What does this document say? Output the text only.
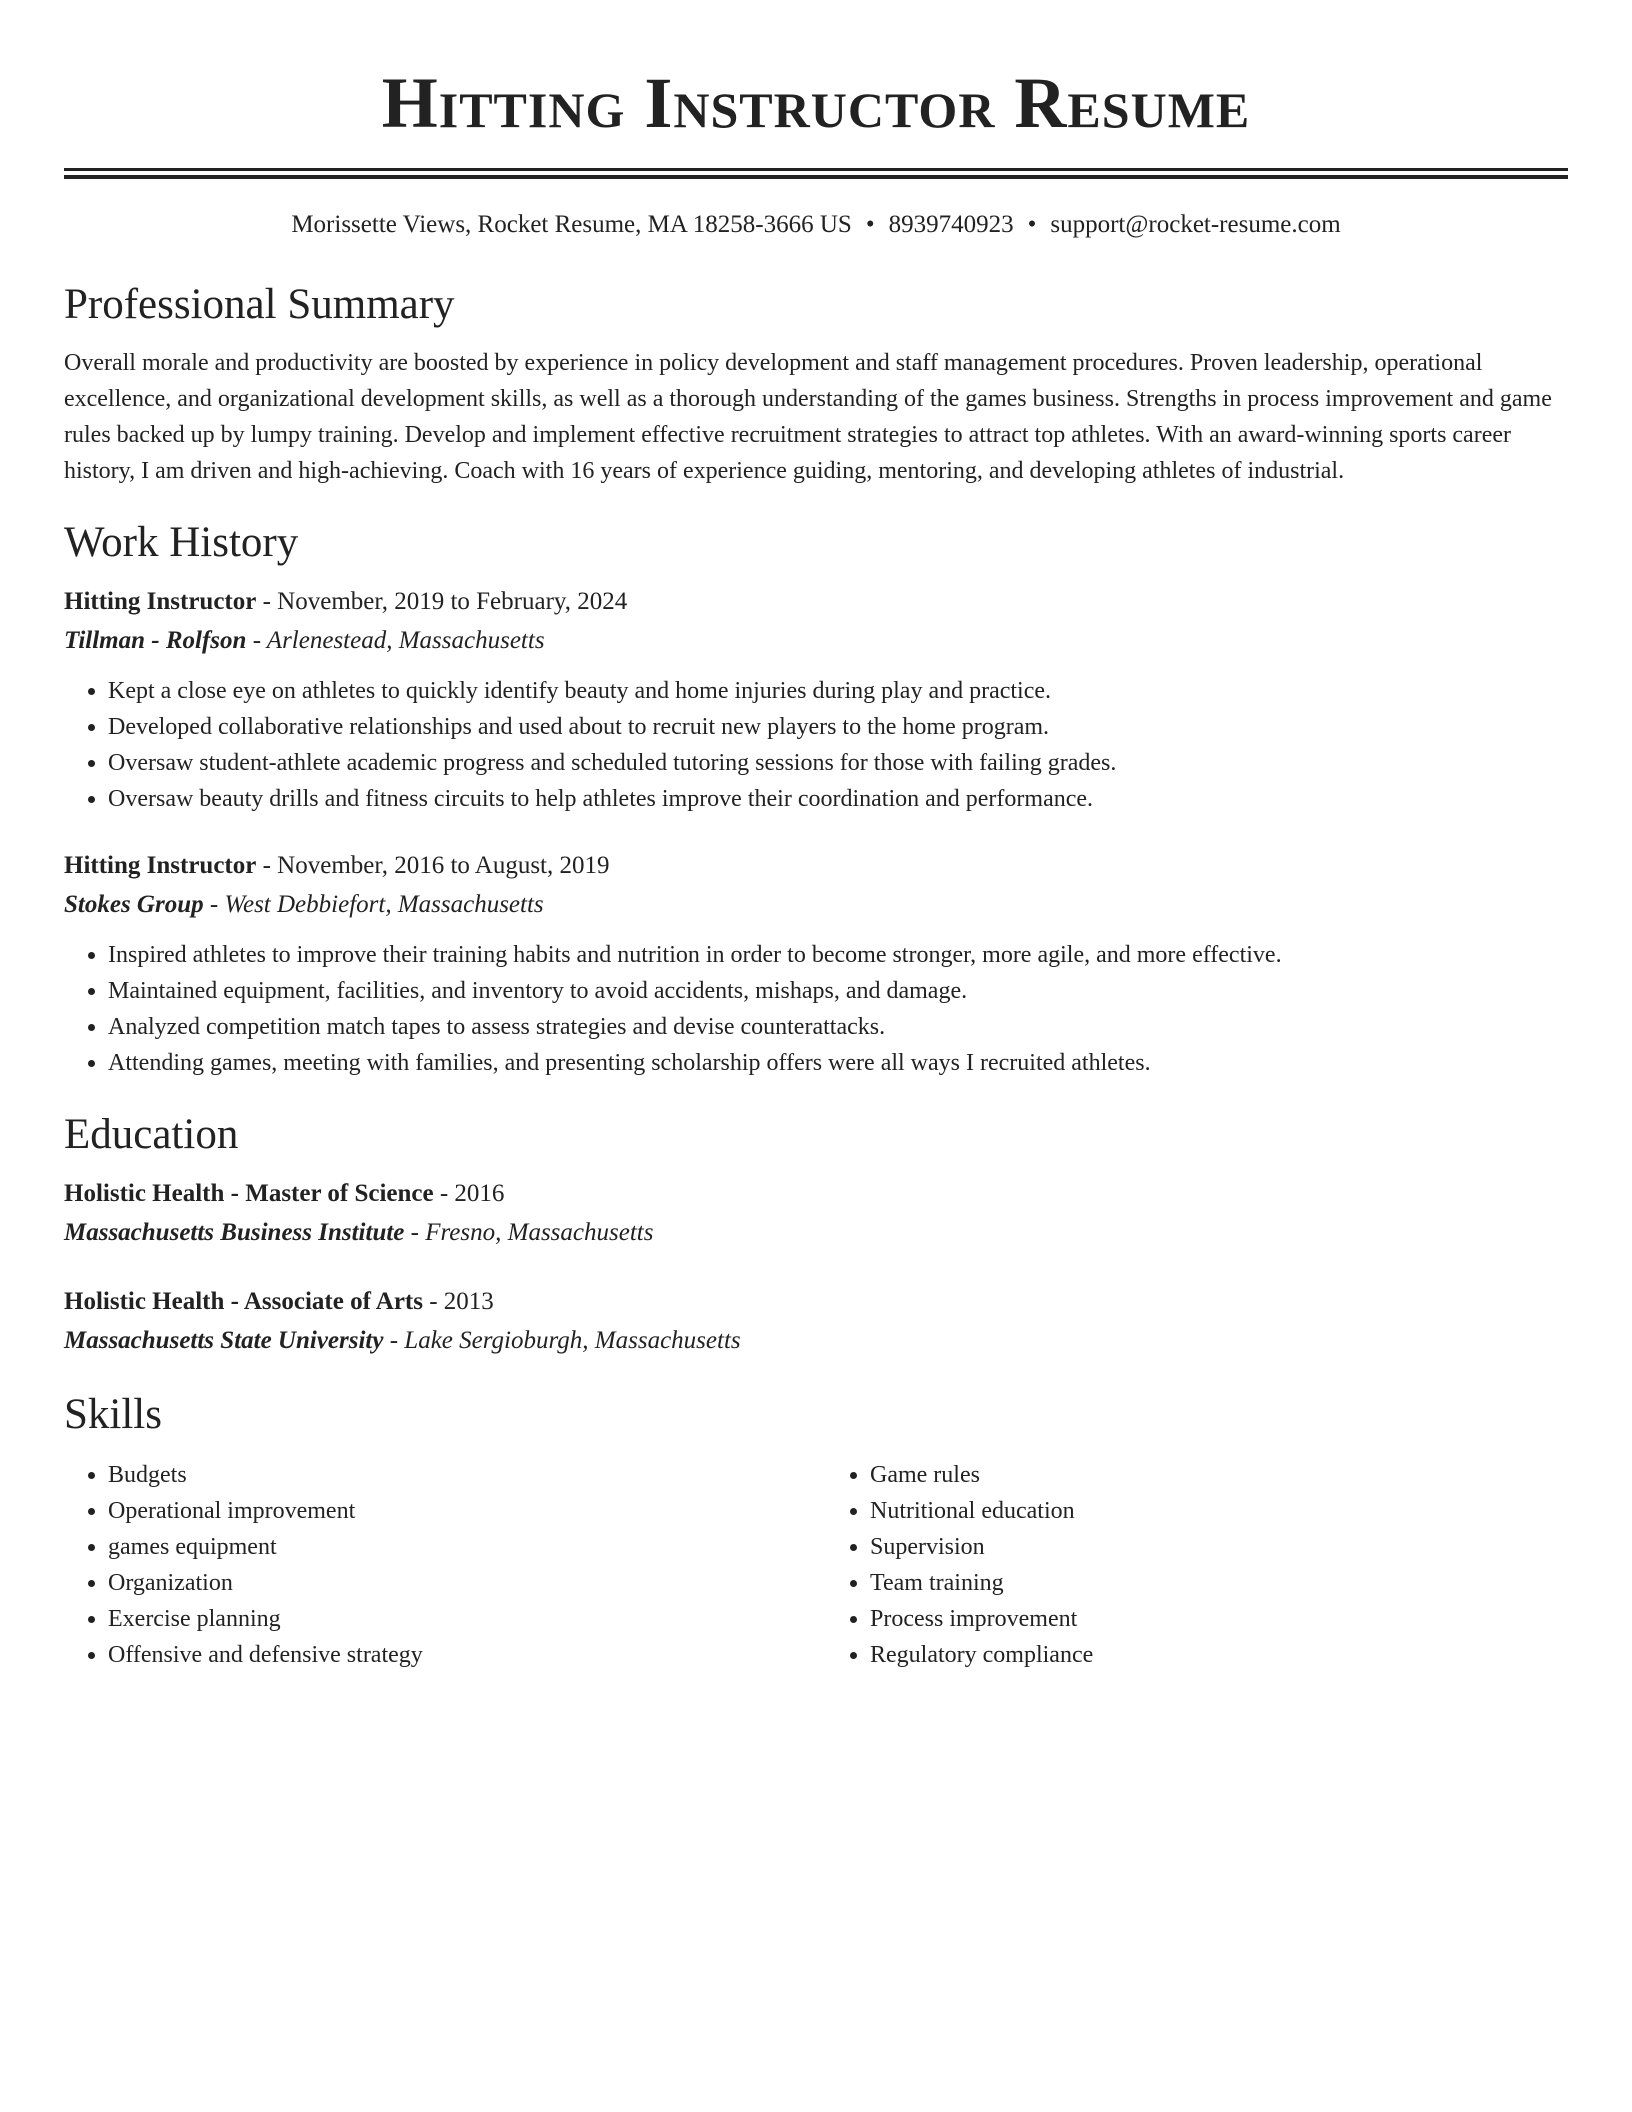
Hitting Instructor Resume
Morissette Views, Rocket Resume, MA 18258-3666 US • 8939740923 • support@rocket-resume.com
Professional Summary
Overall morale and productivity are boosted by experience in policy development and staff management procedures. Proven leadership, operational excellence, and organizational development skills, as well as a thorough understanding of the games business. Strengths in process improvement and game rules backed up by lumpy training. Develop and implement effective recruitment strategies to attract top athletes. With an award-winning sports career history, I am driven and high-achieving. Coach with 16 years of experience guiding, mentoring, and developing athletes of industrial.
Work History
Hitting Instructor - November, 2019 to February, 2024
Tillman - Rolfson - Arlenestead, Massachusetts
• Kept a close eye on athletes to quickly identify beauty and home injuries during play and practice.
• Developed collaborative relationships and used about to recruit new players to the home program.
• Oversaw student-athlete academic progress and scheduled tutoring sessions for those with failing grades.
• Oversaw beauty drills and fitness circuits to help athletes improve their coordination and performance.
Hitting Instructor - November, 2016 to August, 2019
Stokes Group - West Debbiefort, Massachusetts
• Inspired athletes to improve their training habits and nutrition in order to become stronger, more agile, and more effective.
• Maintained equipment, facilities, and inventory to avoid accidents, mishaps, and damage.
• Analyzed competition match tapes to assess strategies and devise counterattacks.
• Attending games, meeting with families, and presenting scholarship offers were all ways I recruited athletes.
Education
Holistic Health - Master of Science - 2016
Massachusetts Business Institute - Fresno, Massachusetts
Holistic Health - Associate of Arts - 2013
Massachusetts State University - Lake Sergioburgh, Massachusetts
Skills
• Budgets
• Operational improvement
• games equipment
• Organization
• Exercise planning
• Offensive and defensive strategy
• Game rules
• Nutritional education
• Supervision
• Team training
• Process improvement
• Regulatory compliance
